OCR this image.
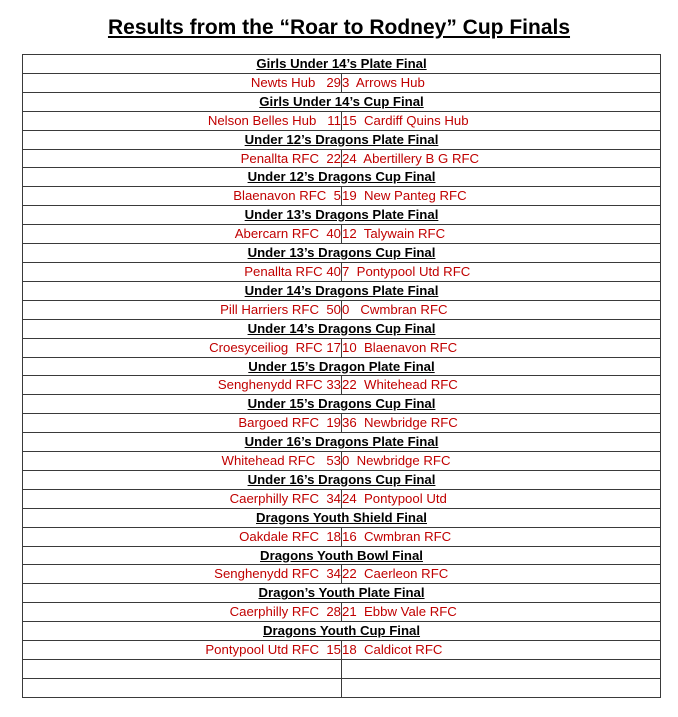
Results from the “Roar to Rodney” Cup Finals
Girls Under 14’s Plate Final	
Newts Hub   29	3  Arrows Hub
Girls Under 14’s Cup Final	
Nelson Belles Hub   11	15  Cardiff Quins Hub
Under 12’s Dragons Plate Final	
Penallta RFC  22	24  Abertillery B G RFC
Under 12’s Dragons Cup Final	
Blaenavon RFC  5	19  New Panteg RFC
Under 13’s Dragons Plate Final	
Abercarn RFC  40	12  Talywain RFC
Under 13’s Dragons Cup Final	
Penallta RFC 40	7  Pontypool Utd RFC
Under 14’s Dragons Plate Final	
Pill Harriers RFC  50	0   Cwmbran RFC
Under 14’s Dragons Cup Final	
Croesyceiliog  RFC 17	10  Blaenavon RFC
Under 15’s Dragon Plate Final	
Senghenydd RFC 33	22  Whitehead RFC
Under 15’s Dragons Cup Final	
Bargoed RFC  19	36  Newbridge RFC
Under 16’s Dragons Plate Final	
Whitehead RFC   53	0  Newbridge RFC
Under 16’s Dragons Cup Final	
Caerphilly RFC  34	24  Pontypool Utd
Dragons Youth Shield Final	
Oakdale RFC  18	16  Cwmbran RFC
Dragons Youth Bowl Final	
Senghenydd RFC  34	22  Caerleon RFC
Dragon’s Youth Plate Final	
Caerphilly RFC  28	21  Ebbw Vale RFC
Dragons Youth Cup Final	
Pontypool Utd RFC  15	18  Caldicot RFC
